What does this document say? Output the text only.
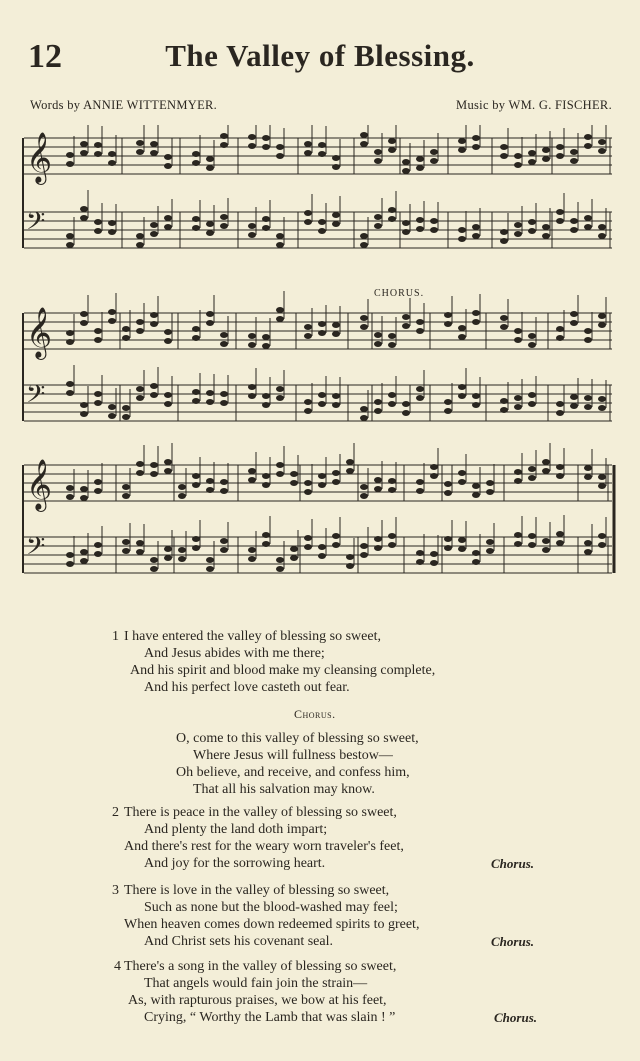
12	The Valley of Blessing.
Words by ANNIE WITTENMYER.	Music by WM. G. FISCHER.
CHORUS.
𝄞
𝄢
𝄞
𝄢
𝄞
𝄢
1 I have entered the valley of blessing so sweet,
And Jesus abides with me there;
And his spirit and blood make my cleansing complete,
And his perfect love casteth out fear.
Chorus.
O, come to this valley of blessing so sweet,
Where Jesus will fullness bestow—
Oh believe, and receive, and confess him,
That all his salvation may know.
2 There is peace in the valley of blessing so sweet,
And plenty the land doth impart;
And there's rest for the weary worn traveler's feet,
And joy for the sorrowing heart.	Chorus.
3 There is love in the valley of blessing so sweet,
Such as none but the blood-washed may feel;
When heaven comes down redeemed spirits to greet,
And Christ sets his covenant seal.	Chorus.
4 There's a song in the valley of blessing so sweet,
That angels would fain join the strain—
As, with rapturous praises, we bow at his feet,
Crying, “ Worthy the Lamb that was slain ! ”	Chorus.
